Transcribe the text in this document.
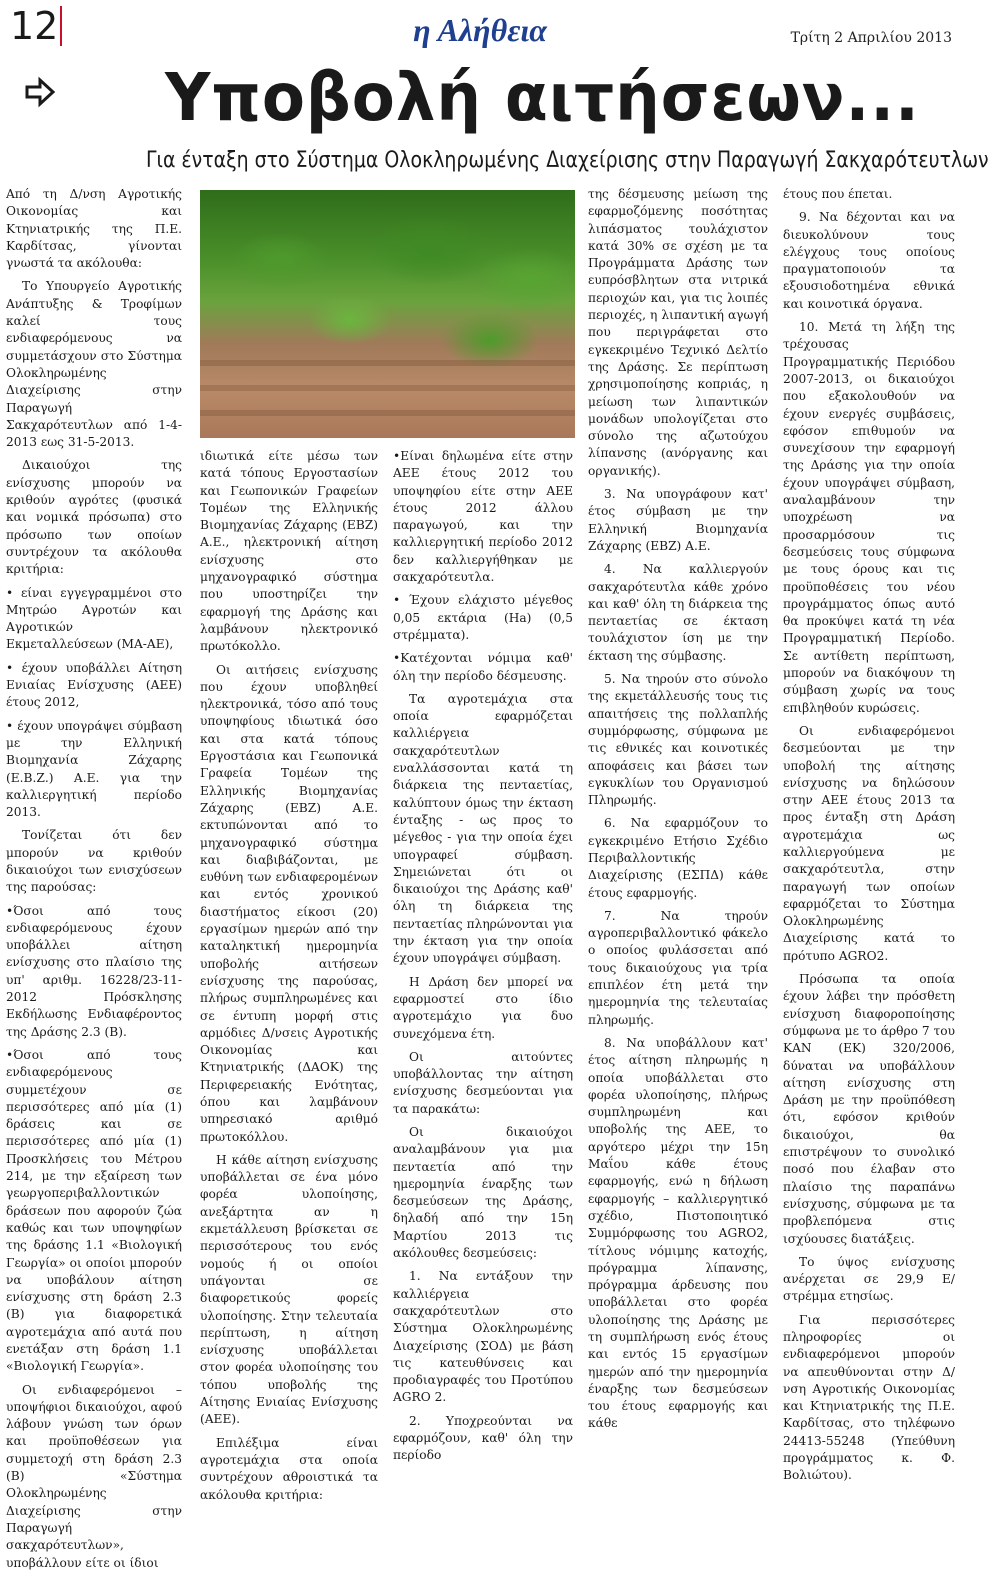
12	η Αλήθεια	Τρίτη 2 Απριλίου 2013
Υποβολή αιτήσεων...
Για ένταξη στο Σύστημα Ολοκληρωμένης Διαχείρισης στην Παραγωγή Σακχαρότευτλων

Από τη Δ/νση Αγροτικής Οικονομίας και Κτηνιατρικής της Π.Ε. Καρδίτσας, γίνονται γνωστά τα ακόλουθα:

Το Υπουργείο Αγροτικής Ανάπτυξης & Τροφίμων καλεί τους ενδιαφερόμενους να συμμετάσχουν στο Σύστημα Ολοκληρωμένης Διαχείρισης στην Παραγωγή Σακχαρότευτλων από 1-4-2013 εως 31-5-2013.

Δικαιούχοι της ενίσχυσης μπορούν να κριθούν αγρότες (φυσικά και νομικά πρόσωπα) στο πρόσωπο των οποίων συντρέχουν τα ακόλουθα κριτήρια:

• είναι εγγεγραμμένοι στο Μητρώο Αγροτών και Αγροτικών Εκμεταλλεύσεων (ΜΑ-ΑΕ),

• έχουν υποβάλλει Αίτηση Ενιαίας Ενίσχυσης (ΑΕΕ) έτους 2012,

• έχουν υπογράψει σύμβαση με την Ελληνική Βιομηχανία Ζάχαρης (Ε.Β.Ζ.) Α.Ε. για την καλλιεργητική περίοδο 2013.

Τονίζεται ότι δεν μπορούν να κριθούν δικαιούχοι των ενισχύσεων της παρούσας:

•Όσοι από τους ενδιαφερόμενους έχουν υποβάλλει αίτηση ενίσχυσης στο πλαίσιο της υπ' αριθμ. 16228/23-11-2012 Πρόσκλησης Εκδήλωσης Ενδιαφέροντος της Δράσης 2.3 (Β).

•Όσοι από τους ενδιαφερόμενους συμμετέχουν σε περισσότερες από μία (1) δράσεις και σε περισσότερες από μία (1) Προσκλήσεις του Μέτρου 214, με την εξαίρεση των γεωργοπεριβαλλοντικών δράσεων που αφορούν ζώα καθώς και των υποψηφίων της δράσης 1.1 «Βιολογική Γεωργία» οι οποίοι μπορούν να υποβάλουν αίτηση ενίσχυσης στη δράση 2.3 (Β) για διαφορετικά αγροτεμάχια από αυτά που ενετάξαν στη δράση 1.1 «Βιολογική Γεωργία».

Οι ενδιαφερόμενοι – υποψήφιοι δικαιούχοι, αφού λάβουν γνώση των όρων και προϋποθέσεων για συμμετοχή στη δράση 2.3 (Β) «Σύστημα Ολοκληρωμένης Διαχείρισης στην Παραγωγή σακχαρότευτλων», υποβάλλουν είτε οι ίδιοι

ιδιωτικά είτε μέσω των κατά τόπους Εργοστασίων και Γεωπονικών Γραφείων Τομέων της Ελληνικής Βιομηχανίας Ζάχαρης (ΕΒΖ) Α.Ε., ηλεκτρονική αίτηση ενίσχυσης στο μηχανογραφικό σύστημα που υποστηρίζει την εφαρμογή της Δράσης και λαμβάνουν ηλεκτρονικό πρωτόκολλο.

Οι αιτήσεις ενίσχυσης που έχουν υποβληθεί ηλεκτρονικά, τόσο από τους υποψηφίους ιδιωτικά όσο και στα κατά τόπους Εργοστάσια και Γεωπονικά Γραφεία Τομέων της Ελληνικής Βιομηχανίας Ζάχαρης (ΕΒΖ) Α.Ε. εκτυπώνονται από το μηχανογραφικό σύστημα και διαβιβάζονται, με ευθύνη των ενδιαφερομένων και εντός χρονικού διαστήματος είκοσι (20) εργασίμων ημερών από την καταληκτική ημερομηνία υποβολής αιτήσεων ενίσχυσης της παρούσας, πλήρως συμπληρωμένες και σε έντυπη μορφή στις αρμόδιες Δ/νσεις Αγροτικής Οικονομίας και Κτηνιατρικής (ΔΑΟΚ) της Περιφερειακής Ενότητας, όπου και λαμβάνουν υπηρεσιακό αριθμό πρωτοκόλλου.

Η κάθε αίτηση ενίσχυσης υποβάλλεται σε ένα μόνο φορέα υλοποίησης, ανεξάρτητα αν η εκμετάλλευση βρίσκεται σε περισσότερους του ενός νομούς ή οι οποίοι υπάγονται σε διαφορετικούς φορείς υλοποίησης. Στην τελευταία περίπτωση, η αίτηση ενίσχυσης υποβάλλεται στον φορέα υλοποίησης του τόπου υποβολής της Αίτησης Ενιαίας Ενίσχυσης (ΑΕΕ).

Επιλέξιμα είναι αγροτεμάχια στα οποία συντρέχουν αθροιστικά τα ακόλουθα κριτήρια:

•Είναι δηλωμένα είτε στην ΑΕΕ έτους 2012 του υποψηφίου είτε στην ΑΕΕ έτους 2012 άλλου παραγωγού, και την καλλιεργητική περίοδο 2012 δεν καλλιεργήθηκαν με σακχαρότευτλα.

• Έχουν ελάχιστο μέγεθος 0,05 εκτάρια (Ha) (0,5 στρέμματα).

•Κατέχονται νόμιμα καθ' όλη την περίοδο δέσμευσης.

Τα αγροτεμάχια στα οποία εφαρμόζεται καλλιέργεια σακχαρότευτλων εναλλάσσονται κατά τη διάρκεια της πενταετίας, καλύπτουν όμως την έκταση ένταξης - ως προς το μέγεθος - για την οποία έχει υπογραφεί σύμβαση. Σημειώνεται ότι οι δικαιούχοι της Δράσης καθ' όλη τη διάρκεια της πενταετίας πληρώνονται για την έκταση για την οποία έχουν υπογράψει σύμβαση.

Η Δράση δεν μπορεί να εφαρμοστεί στο ίδιο αγροτεμάχιο για δυο συνεχόμενα έτη.

Οι αιτούντες υποβάλλοντας την αίτηση ενίσχυσης δεσμεύονται για τα παρακάτω:

Οι δικαιούχοι αναλαμβάνουν για μια πενταετία από την ημερομηνία έναρξης των δεσμεύσεων της Δράσης, δηλαδή από την 15η Μαρτίου 2013 τις ακόλουθες δεσμεύσεις:

1. Να εντάξουν την καλλιέργεια σακχαρότευτλων στο Σύστημα Ολοκληρωμένης Διαχείρισης (ΣΟΔ) με βάση τις κατευθύνσεις και προδιαγραφές του Προτύπου AGRO 2.

2. Υποχρεούνται να εφαρμόζουν, καθ' όλη την περίοδο

της δέσμευσης μείωση της εφαρμοζόμενης ποσότητας λιπάσματος τουλάχιστον κατά 30% σε σχέση με τα Προγράμματα Δράσης των ευπρόσβλητων στα νιτρικά περιοχών και, για τις λοιπές περιοχές, η λιπαντική αγωγή που περιγράφεται στο εγκεκριμένο Τεχνικό Δελτίο της Δράσης. Σε περίπτωση χρησιμοποίησης κοπριάς, η μείωση των λιπαντικών μονάδων υπολογίζεται στο σύνολο της αζωτούχου λίπανσης (ανόργανης και οργανικής).

3. Να υπογράφουν κατ' έτος σύμβαση με την Ελληνική Βιομηχανία Ζάχαρης (ΕΒΖ) Α.Ε.

4. Να καλλιεργούν σακχαρότευτλα κάθε χρόνο και καθ' όλη τη διάρκεια της πενταετίας σε έκταση τουλάχιστον ίση με την έκταση της σύμβασης.

5. Να τηρούν στο σύνολο της εκμετάλλευσής τους τις απαιτήσεις της πολλαπλής συμμόρφωσης, σύμφωνα με τις εθνικές και κοινοτικές αποφάσεις και βάσει των εγκυκλίων του Οργανισμού Πληρωμής.

6. Να εφαρμόζουν το εγκεκριμένο Ετήσιο Σχέδιο Περιβαλλοντικής Διαχείρισης (ΕΣΠΔ) κάθε έτους εφαρμογής.

7. Να τηρούν αγροπεριβαλλοντικό φάκελο ο οποίος φυλάσσεται από τους δικαιούχους για τρία επιπλέον έτη μετά την ημερομηνία της τελευταίας πληρωμής.

8. Να υποβάλλουν κατ' έτος αίτηση πληρωμής η οποία υποβάλλεται στο φορέα υλοποίησης, πλήρως συμπληρωμένη και υποβολής της ΑΕΕ, το αργότερο μέχρι την 15η Μαΐου κάθε έτους εφαρμογής, ενώ η δήλωση εφαρμογής – καλλιεργητικό σχέδιο, Πιστοποιητικό Συμμόρφωσης του AGRO2, τίτλους νόμιμης κατοχής, πρόγραμμα λίπανσης, πρόγραμμα άρδευσης που υποβάλλεται στο φορέα υλοποίησης της Δράσης με τη συμπλήρωση ενός έτους και εντός 15 εργασίμων ημερών από την ημερομηνία έναρξης των δεσμεύσεων του έτους εφαρμογής και κάθε

έτους που έπεται.

9. Να δέχονται και να διευκολύνουν τους ελέγχους τους οποίους πραγματοποιούν τα εξουσιοδοτημένα εθνικά και κοινοτικά όργανα.

10. Μετά τη λήξη της τρέχουσας Προγραμματικής Περιόδου 2007-2013, οι δικαιούχοι που εξακολουθούν να έχουν ενεργές συμβάσεις, εφόσον επιθυμούν να συνεχίσουν την εφαρμογή της Δράσης για την οποία έχουν υπογράψει σύμβαση, αναλαμβάνουν την υποχρέωση να προσαρμόσουν τις δεσμεύσεις τους σύμφωνα με τους όρους και τις προϋποθέσεις του νέου προγράμματος όπως αυτό θα προκύψει κατά τη νέα Προγραμματική Περίοδο. Σε αντίθετη περίπτωση, μπορούν να διακόψουν τη σύμβαση χωρίς να τους επιβληθούν κυρώσεις.

Οι ενδιαφερόμενοι δεσμεύονται με την υποβολή της αίτησης ενίσχυσης να δηλώσουν στην ΑΕΕ έτους 2013 τα προς ένταξη στη Δράση αγροτεμάχια ως καλλιεργούμενα με σακχαρότευτλα, στην παραγωγή των οποίων εφαρμόζεται το Σύστημα Ολοκληρωμένης Διαχείρισης κατά το πρότυπο AGRO2.

Πρόσωπα τα οποία έχουν λάβει την πρόσθετη ενίσχυση διαφοροποίησης σύμφωνα με το άρθρο 7 του ΚΑΝ (ΕΚ) 320/2006, δύναται να υποβάλλουν αίτηση ενίσχυσης στη Δράση με την προϋπόθεση ότι, εφόσον κριθούν δικαιούχοι, θα επιστρέψουν το συνολικό ποσό που έλαβαν στο πλαίσιο της παραπάνω ενίσχυσης, σύμφωνα με τα προβλεπόμενα στις ισχύουσες διατάξεις.

Το ύψος ενίσχυσης ανέρχεται σε 29,9 Ε/στρέμμα ετησίως.

Για περισσότερες πληροφορίες οι ενδιαφερόμενοι μπορούν να απευθύνονται στην Δ/νση Αγροτικής Οικονομίας και Κτηνιατρικής της Π.Ε. Καρδίτσας, στο τηλέφωνο 24413-55248 (Υπεύθυνη προγράμματος κ. Φ. Βολιώτου).
